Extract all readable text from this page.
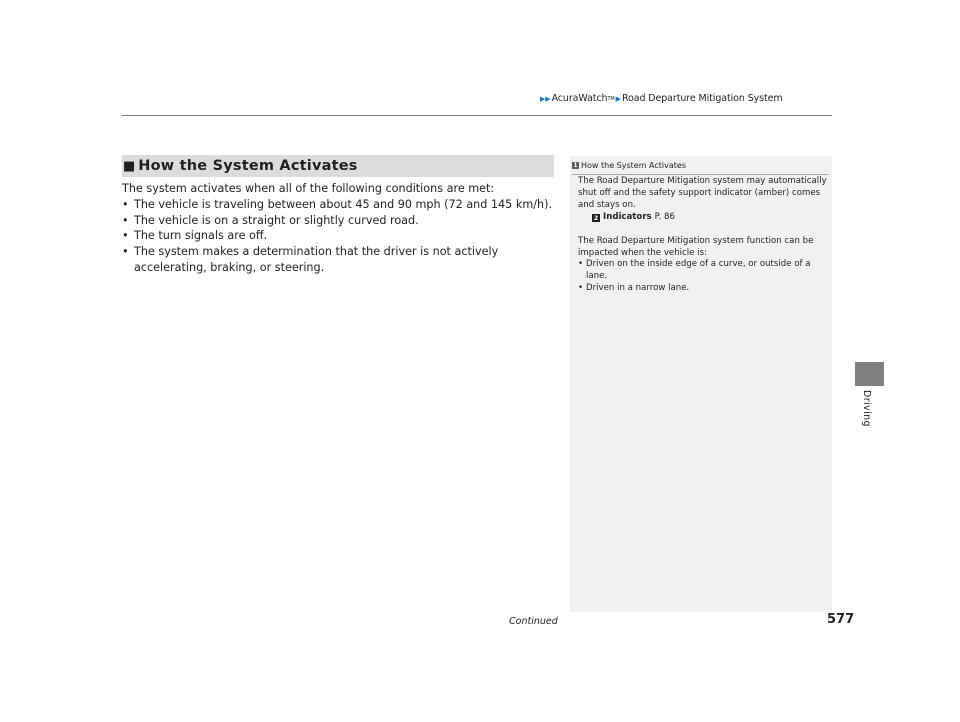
▶▶ AcuraWatch TM ▶ Road Departure Mitigation System
■ How the System Activates

The system activates when all of the following conditions are met:

• The vehicle is traveling between about 45 and 90 mph (72 and 145 km/h).
• The vehicle is on a straight or slightly curved road.
• The turn signals are off.
• The system makes a determination that the driver is not actively accelerating, braking, or steering.
1 How the System Activates

The Road Departure Mitigation system may automatically shut off and the safety support indicator (amber) comes and stays on.

2 Indicators P. 86

The Road Departure Mitigation system function can be impacted when the vehicle is:

• Driven on the inside edge of a curve, or outside of a lane.
• Driven in a narrow lane.
Driving
Continued	577
